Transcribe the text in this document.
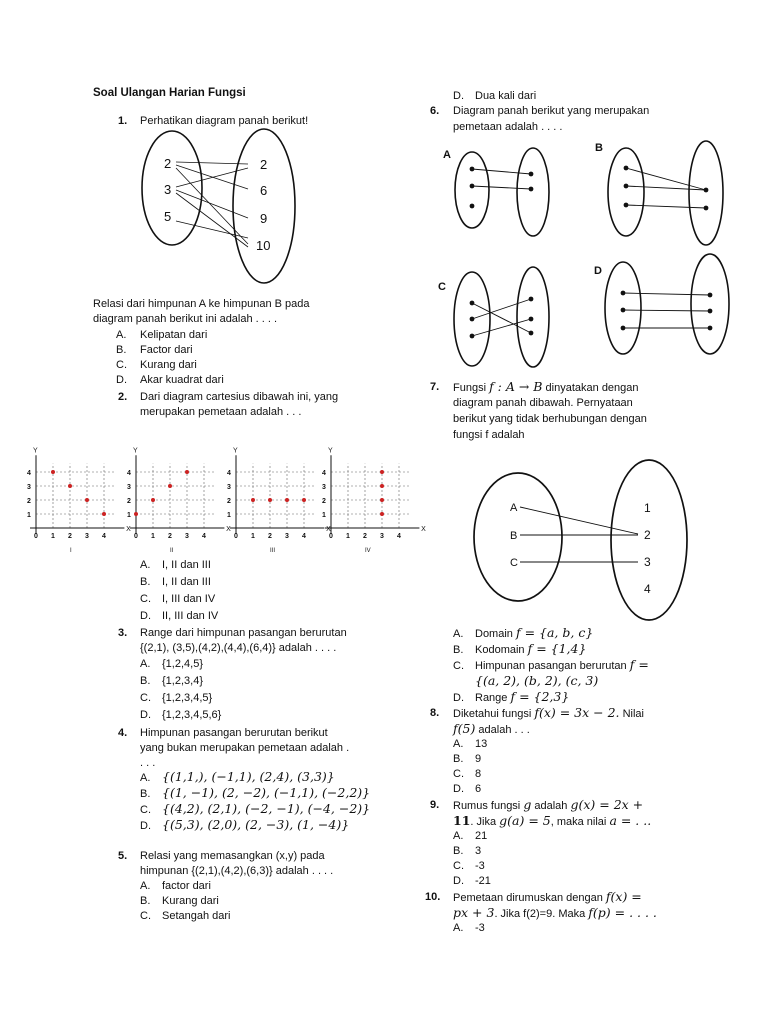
Soal Ulangan Harian Fungsi
1. Perhatikan diagram panah berikut!
2
3
5
2
6
9
10
Relasi dari himpunan A ke himpunan B pada
diagram panah berikut ini adalah . . . .
A. Kelipatan dari
B. Factor dari
C. Kurang dari
D. Akar kuadrat dari
2. Dari diagram cartesius dibawah ini, yang
merupakan pemetaan adalah . . .
X
Y
0 1 2 3 4
1
2
3
4
I
X
Y
0 1 2 3 4
1
2
3
4
II
X
Y
0 1 2 3 4
1
2
3
4
III
X
Y
0 1 2 3 4
1
2
3
4
IV
A. I, II dan III
B. I, II dan III
C. I, III dan IV
D. II, III dan IV
3. Range dari himpunan pasangan berurutan
{(2,1), (3,5),(4,2),(4,4),(6,4)} adalah . . . .
A. {1,2,4,5}
B. {1,2,3,4}
C. {1,2,3,4,5}
D. {1,2,3,4,5,6}
4. Himpunan pasangan berurutan berikut
yang bukan merupakan pemetaan adalah .
. . .
A. {(1,1,), (−1,1), (2,4), (3,3)}
B. {(1, −1), (2, −2), (−1,1), (−2,2)}
C. {(4,2), (2,1), (−2, −1), (−4, −2)}
D. {(5,3), (2,0), (2, −3), (1, −4)}
5. Relasi yang memasangkan (x,y) pada
himpunan {(2,1),(4,2),(6,3)} adalah . . . .
A. factor dari
B. Kurang dari
C. Setangah dari
D. Dua kali dari
6. Diagram panah berikut yang merupakan
pemetaan adalah . . . .
A
B
C
D
7. Fungsi f : A → B dinyatakan dengan
diagram panah dibawah. Pernyataan
berikut yang tidak berhubungan dengan
fungsi f adalah
A
B
C
1
2
3
4
A. Domain f = {a, b, c}
B. Kodomain f = {1,4}
C. Himpunan pasangan berurutan f =
{(a, 2), (b, 2), (c, 3)
D. Range f = {2,3}
8. Diketahui fungsi f(x) = 3x − 2. Nilai
f(5) adalah . . .
A. 13
B. 9
C. 8
D. 6
9. Rumus fungsi g adalah g(x) = 2x +
11. Jika g(a) = 5, maka nilai a = . ..
A. 21
B. 3
C. -3
D. -21
10. Pemetaan dirumuskan dengan f(x) =
px + 3. Jika f(2)=9. Maka f(p) = . . . .
A. -3
